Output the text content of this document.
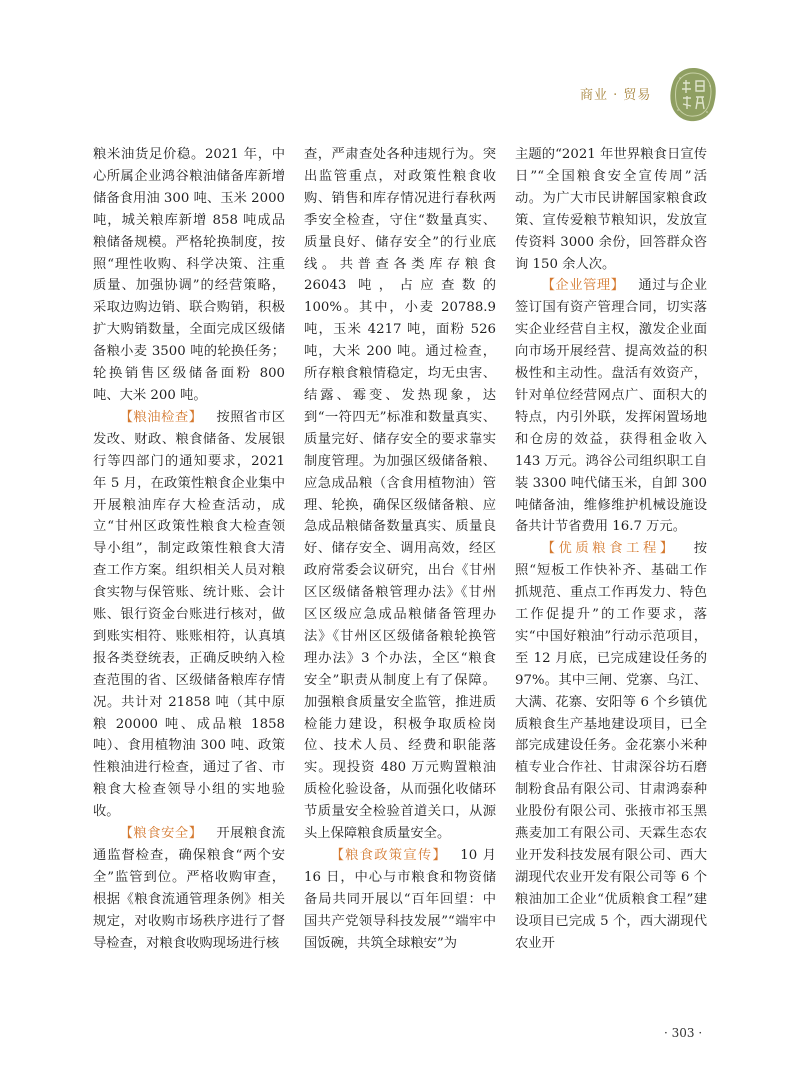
商业 · 贸易

粮米油货足价稳。2021 年，中心所属企业鸿谷粮油储备库新增储备食用油 300 吨、玉米 2000 吨，城关粮库新增 858 吨成品粮储备规模。严格轮换制度，按照“理性收购、科学决策、注重质量、加强协调”的经营策略，采取边购边销、联合购销，积极扩大购销数量，全面完成区级储备粮小麦 3500 吨的轮换任务；轮换销售区级储备面粉 800 吨、大米 200 吨。

【粮油检查】  按照省市区发改、财政、粮食储备、发展银行等四部门的通知要求，2021 年 5 月，在政策性粮食企业集中开展粮油库存大检查活动，成立“甘州区政策性粮食大检查领导小组”，制定政策性粮食大清查工作方案。组织相关人员对粮食实物与保管账、统计账、会计账、银行资金台账进行核对，做到账实相符、账账相符，认真填报各类登统表，正确反映纳入检查范围的省、区级储备粮库存情况。共计对 21858 吨（其中原粮 20000 吨、成品粮 1858 吨）、食用植物油 300 吨、政策性粮油进行检查，通过了省、市粮食大检查领导小组的实地验收。

【粮食安全】  开展粮食流通监督检查，确保粮食“两个安全”监管到位。严格收购审查，根据《粮食流通管理条例》相关规定，对收购市场秩序进行了督导检查，对粮食收购现场进行核

查，严肃查处各种违规行为。突出监管重点，对政策性粮食收购、销售和库存情况进行春秋两季安全检查，守住“数量真实、质量良好、储存安全”的行业底线。共普查各类库存粮食 26043 吨，占应查数的 100%。其中，小麦 20788.9 吨，玉米 4217 吨，面粉 526 吨，大米 200 吨。通过检查，所存粮食粮情稳定，均无虫害、结露、霉变、发热现象，达到“一符四无”标准和数量真实、质量完好、储存安全的要求靠实制度管理。为加强区级储备粮、应急成品粮（含食用植物油）管理、轮换，确保区级储备粮、应急成品粮储备数量真实、质量良好、储存安全、调用高效，经区政府常委会议研究，出台《甘州区区级储备粮管理办法》《甘州区区级应急成品粮储备管理办法》《甘州区区级储备粮轮换管理办法》3 个办法，全区“粮食安全”职责从制度上有了保障。加强粮食质量安全监管，推进质检能力建设，积极争取质检岗位、技术人员、经费和职能落实。现投资 480 万元购置粮油质检化验设备，从而强化收储环节质量安全检验首道关口，从源头上保障粮食质量安全。

【粮食政策宣传】  10 月 16 日，中心与市粮食和物资储备局共同开展以“百年回望：中国共产党领导科技发展”“端牢中国饭碗，共筑全球粮安”为

主题的“2021 年世界粮食日宣传日”“全国粮食安全宣传周”活动。为广大市民讲解国家粮食政策、宣传爱粮节粮知识，发放宣传资料 3000 余份，回答群众咨询 150 余人次。

【企业管理】  通过与企业签订国有资产管理合同，切实落实企业经营自主权，激发企业面向市场开展经营、提高效益的积极性和主动性。盘活有效资产，针对单位经营网点广、面积大的特点，内引外联，发挥闲置场地和仓房的效益，获得租金收入 143 万元。鸿谷公司组织职工自装 3300 吨代储玉米，自卸 300 吨储备油，维修维护机械设施设备共计节省费用 16.7 万元。

【优质粮食工程】  按照“短板工作快补齐、基础工作抓规范、重点工作再发力、特色工作促提升”的工作要求，落实“中国好粮油”行动示范项目，至 12 月底，已完成建设任务的 97%。其中三闸、党寨、乌江、大满、花寨、安阳等 6 个乡镇优质粮食生产基地建设项目，已全部完成建设任务。金花寨小米种植专业合作社、甘肃深谷坊石磨制粉食品有限公司、甘肃鸿泰种业股份有限公司、张掖市祁玉黑燕麦加工有限公司、天霖生态农业开发科技发展有限公司、西大湖现代农业开发有限公司等 6 个粮油加工企业“优质粮食工程”建设项目已完成 5 个，西大湖现代农业开

· 303 ·
